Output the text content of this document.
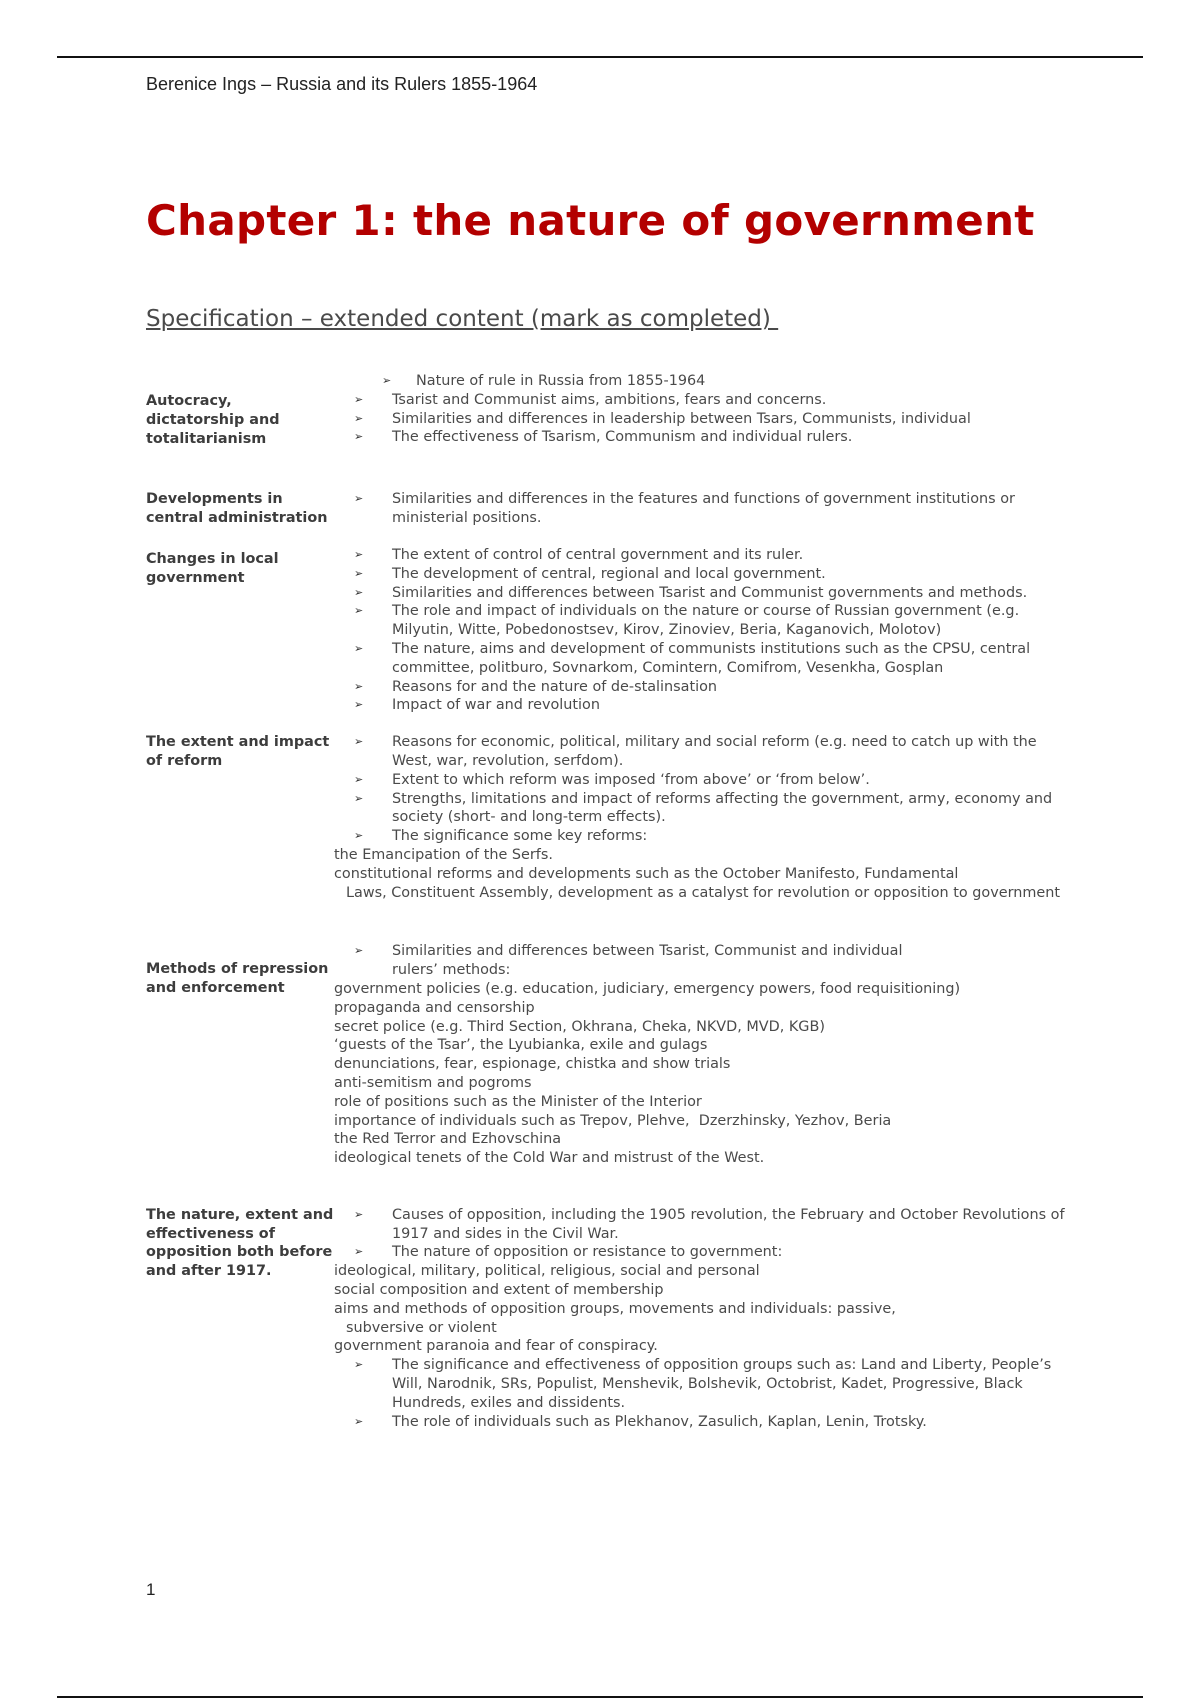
Berenice Ings – Russia and its Rulers 1855-1964
Chapter 1: the nature of government
Specification – extended content (mark as completed)
Autocracy, dictatorship and totalitarianism
➢ Nature of rule in Russia from 1855-1964
➢ Tsarist and Communist aims, ambitions, fears and concerns.
➢ Similarities and differences in leadership between Tsars, Communists, individual
➢ The effectiveness of Tsarism, Communism and individual rulers.
Developments in central administration
➢ Similarities and differences in the features and functions of government institutions or ministerial positions.
Changes in local government
➢ The extent of control of central government and its ruler.
➢ The development of central, regional and local government.
➢ Similarities and differences between Tsarist and Communist governments and methods.
➢ The role and impact of individuals on the nature or course of Russian government (e.g. Milyutin, Witte, Pobedonostsev, Kirov, Zinoviev, Beria, Kaganovich, Molotov)
➢ The nature, aims and development of communists institutions such as the CPSU, central committee, politburo, Sovnarkom, Comintern, Comifrom, Vesenkha, Gosplan
➢ Reasons for and the nature of de-stalinsation
➢ Impact of war and revolution
The extent and impact of reform
➢ Reasons for economic, political, military and social reform (e.g. need to catch up with the West, war, revolution, serfdom).
➢ Extent to which reform was imposed ‘from above’ or ‘from below’.
➢ Strengths, limitations and impact of reforms affecting the government, army, economy and society (short- and long-term effects).
➢ The significance some key reforms:
the Emancipation of the Serfs.
constitutional reforms and developments such as the October Manifesto, Fundamental
Laws, Constituent Assembly, development as a catalyst for revolution or opposition to government
Methods of repression and enforcement
➢ Similarities and differences between Tsarist, Communist and individual rulers’ methods:
government policies (e.g. education, judiciary, emergency powers, food requisitioning)
propaganda and censorship
secret police (e.g. Third Section, Okhrana, Cheka, NKVD, MVD, KGB)
‘guests of the Tsar’, the Lyubianka, exile and gulags
denunciations, fear, espionage, chistka and show trials
anti-semitism and pogroms
role of positions such as the Minister of the Interior
importance of individuals such as Trepov, Plehve,  Dzerzhinsky, Yezhov, Beria
the Red Terror and Ezhovschina
ideological tenets of the Cold War and mistrust of the West.
The nature, extent and effectiveness of opposition both before and after 1917.
➢ Causes of opposition, including the 1905 revolution, the February and October Revolutions of 1917 and sides in the Civil War.
➢ The nature of opposition or resistance to government:
ideological, military, political, religious, social and personal
social composition and extent of membership
aims and methods of opposition groups, movements and individuals: passive,
subversive or violent
government paranoia and fear of conspiracy.
➢ The significance and effectiveness of opposition groups such as: Land and Liberty, People’s Will, Narodnik, SRs, Populist, Menshevik, Bolshevik, Octobrist, Kadet, Progressive, Black Hundreds, exiles and dissidents.
➢ The role of individuals such as Plekhanov, Zasulich, Kaplan, Lenin, Trotsky.
1
